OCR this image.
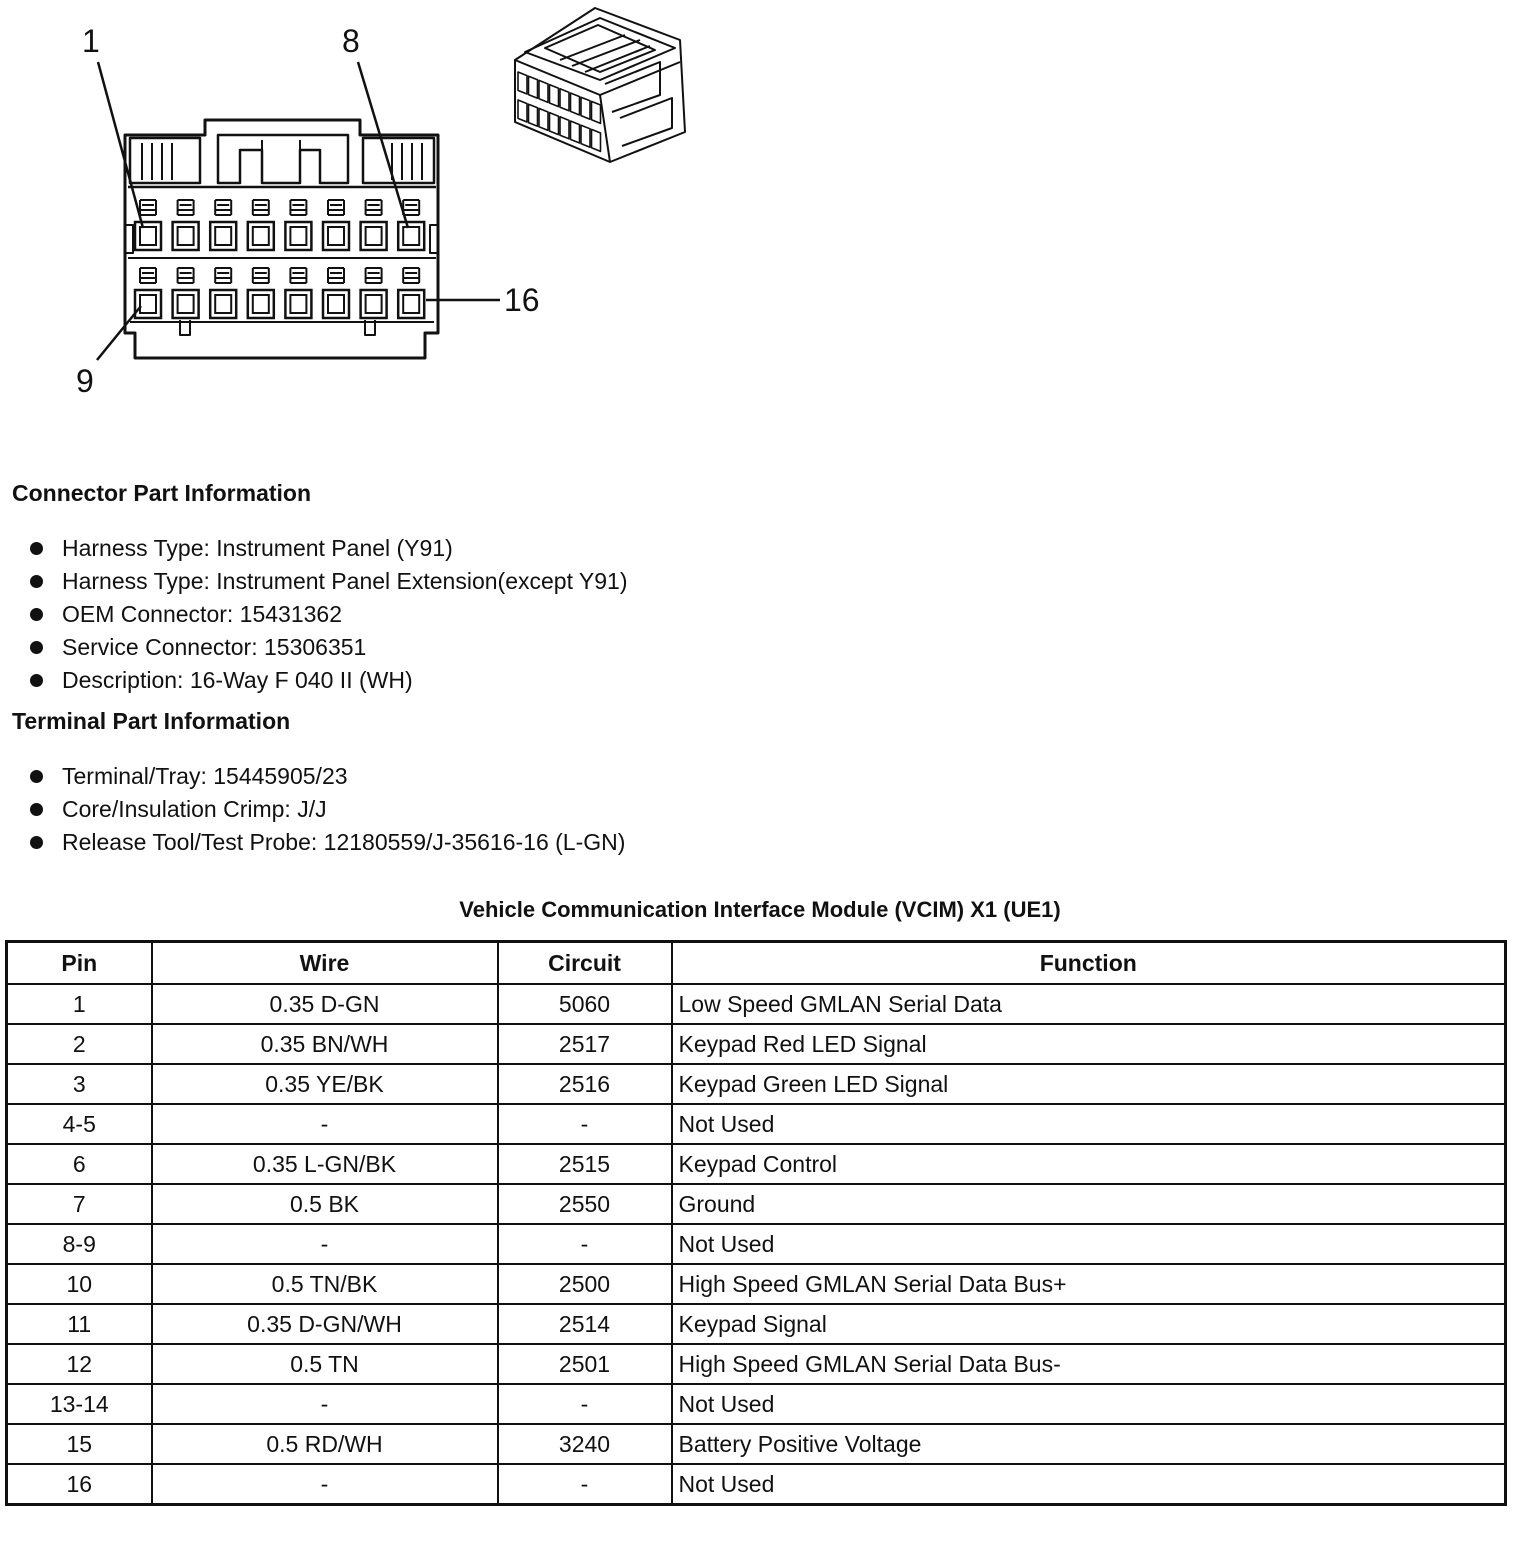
1	8
9
16
Connector Part Information
Harness Type: Instrument Panel (Y91)
Harness Type: Instrument Panel Extension(except Y91)
OEM Connector: 15431362
Service Connector: 15306351
Description: 16-Way F 040 II (WH)
Terminal Part Information
Terminal/Tray: 15445905/23
Core/Insulation Crimp: J/J
Release Tool/Test Probe: 12180559/J-35616-16 (L-GN)
Vehicle Communication Interface Module (VCIM) X1 (UE1)
Pin	Wire	Circuit	Function
1	0.35 D-GN	5060	Low Speed GMLAN Serial Data
2	0.35 BN/WH	2517	Keypad Red LED Signal
3	0.35 YE/BK	2516	Keypad Green LED Signal
4-5	-	-	Not Used
6	0.35 L-GN/BK	2515	Keypad Control
7	0.5 BK	2550	Ground
8-9	-	-	Not Used
10	0.5 TN/BK	2500	High Speed GMLAN Serial Data Bus+
11	0.35 D-GN/WH	2514	Keypad Signal
12	0.5 TN	2501	High Speed GMLAN Serial Data Bus-
13-14	-	-	Not Used
15	0.5 RD/WH	3240	Battery Positive Voltage
16	-	-	Not Used
